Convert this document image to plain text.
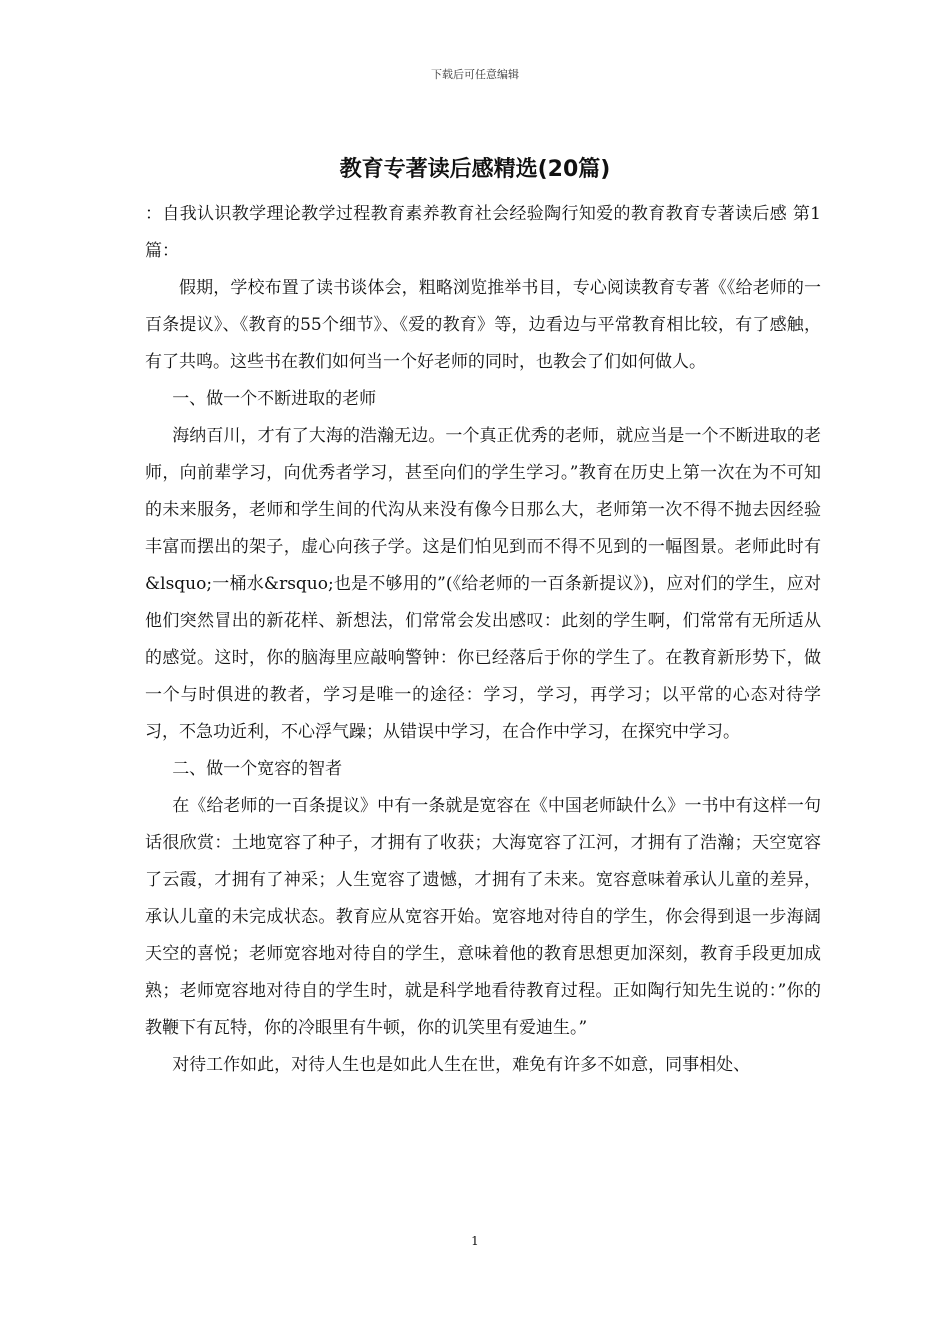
下载后可任意编辑
教育专著读后感精选(20篇)

：自我认识教学理论教学过程教育素养教育社会经验陶行知爱的教育教育专著读后感 第1篇：

假期，学校布置了读书谈体会，粗略浏览推举书目，专心阅读教育专著《《给老师的一百条提议》、《教育的55个细节》、《爱的教育》等，边看边与平常教育相比较，有了感触，有了共鸣。这些书在教们如何当一个好老师的同时，也教会了们如何做人。

一、做一个不断进取的老师

海纳百川，才有了大海的浩瀚无边。一个真正优秀的老师，就应当是一个不断进取的老师，向前辈学习，向优秀者学习，甚至向们的学生学习。”教育在历史上第一次在为不可知的未来服务，老师和学生间的代沟从来没有像今日那么大，老师第一次不得不抛去因经验丰富而摆出的架子，虚心向孩子学。这是们怕见到而不得不见到的一幅图景。老师此时有&lsquo;一桶水&rsquo;也是不够用的”(《给老师的一百条新提议》)，应对们的学生，应对他们突然冒出的新花样、新想法，们常常会发出感叹：此刻的学生啊，们常常有无所适从的感觉。这时，你的脑海里应敲响警钟：你已经落后于你的学生了。在教育新形势下，做一个与时俱进的教者，学习是唯一的途径：学习，学习，再学习；以平常的心态对待学习，不急功近利，不心浮气躁；从错误中学习，在合作中学习，在探究中学习。

二、做一个宽容的智者

在《给老师的一百条提议》中有一条就是宽容在《中国老师缺什么》一书中有这样一句话很欣赏：土地宽容了种子，才拥有了收获；大海宽容了江河，才拥有了浩瀚；天空宽容了云霞，才拥有了神采；人生宽容了遗憾，才拥有了未来。宽容意味着承认儿童的差异，承认儿童的未完成状态。教育应从宽容开始。宽容地对待自的学生，你会得到退一步海阔天空的喜悦；老师宽容地对待自的学生，意味着他的教育思想更加深刻，教育手段更加成熟；老师宽容地对待自的学生时，就是科学地看待教育过程。正如陶行知先生说的：”你的教鞭下有瓦特，你的冷眼里有牛顿，你的讥笑里有爱迪生。”

对待工作如此，对待人生也是如此人生在世，难免有许多不如意，同事相处、

1
